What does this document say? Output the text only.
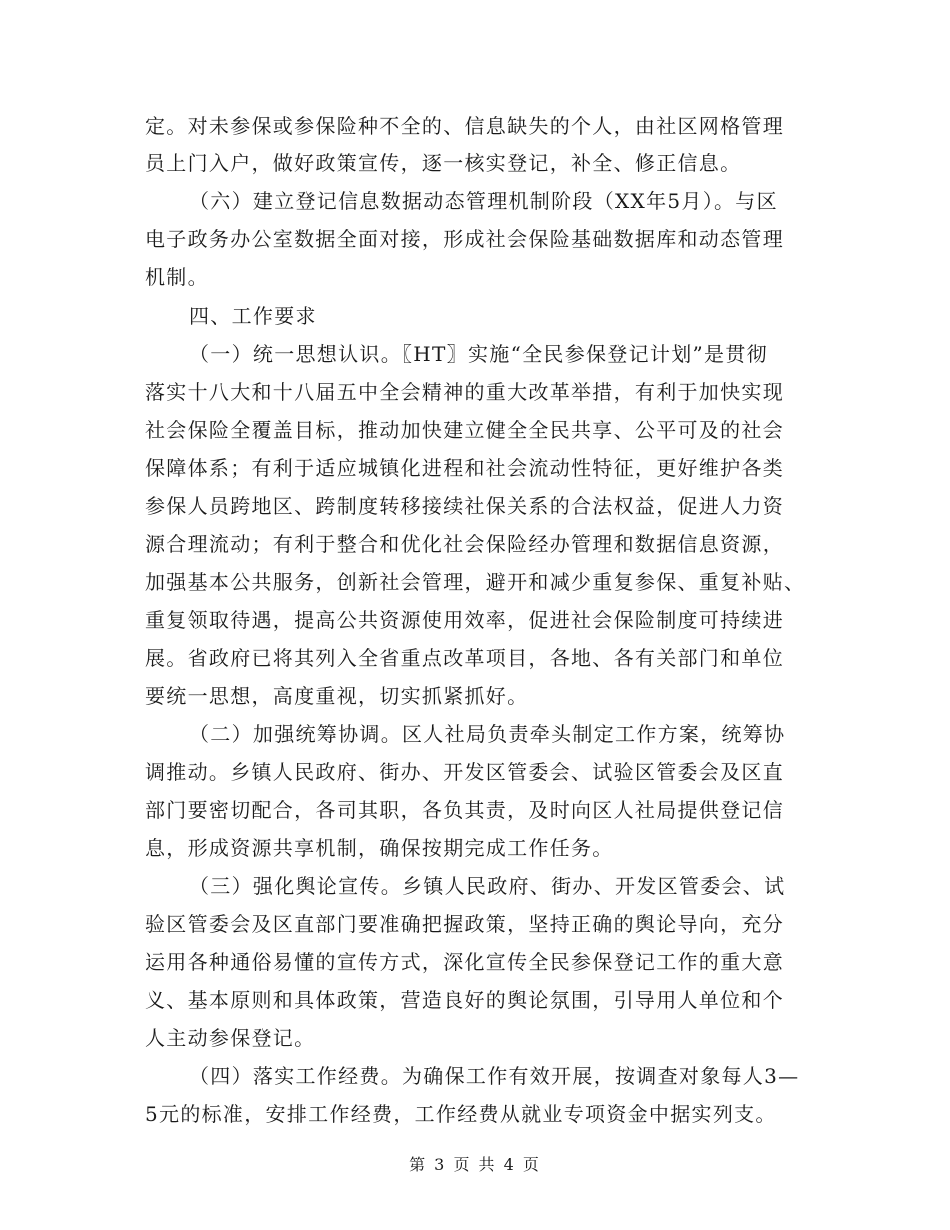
定。对未参保或参保险种不全的、信息缺失的个人，由社区网格管理
员上门入户，做好政策宣传，逐一核实登记，补全、修正信息。
（六）建立登记信息数据动态管理机制阶段（XX年5月）。与区
电子政务办公室数据全面对接，形成社会保险基础数据库和动态管理
机制。
四、工作要求
（一）统一思想认识。〖HT〗实施“全民参保登记计划”是贯彻
落实十八大和十八届五中全会精神的重大改革举措，有利于加快实现
社会保险全覆盖目标，推动加快建立健全全民共享、公平可及的社会
保障体系；有利于适应城镇化进程和社会流动性特征，更好维护各类
参保人员跨地区、跨制度转移接续社保关系的合法权益，促进人力资
源合理流动；有利于整合和优化社会保险经办管理和数据信息资源，
加强基本公共服务，创新社会管理，避开和减少重复参保、重复补贴、
重复领取待遇，提高公共资源使用效率，促进社会保险制度可持续进
展。省政府已将其列入全省重点改革项目，各地、各有关部门和单位
要统一思想，高度重视，切实抓紧抓好。
（二）加强统筹协调。区人社局负责牵头制定工作方案，统筹协
调推动。乡镇人民政府、街办、开发区管委会、试验区管委会及区直
部门要密切配合，各司其职，各负其责，及时向区人社局提供登记信
息，形成资源共享机制，确保按期完成工作任务。
（三）强化舆论宣传。乡镇人民政府、街办、开发区管委会、试
验区管委会及区直部门要准确把握政策，坚持正确的舆论导向，充分
运用各种通俗易懂的宣传方式，深化宣传全民参保登记工作的重大意
义、基本原则和具体政策，营造良好的舆论氛围，引导用人单位和个
人主动参保登记。
（四）落实工作经费。为确保工作有效开展，按调查对象每人3—
5元的标准，安排工作经费，工作经费从就业专项资金中据实列支。
第 3 页 共 4 页
